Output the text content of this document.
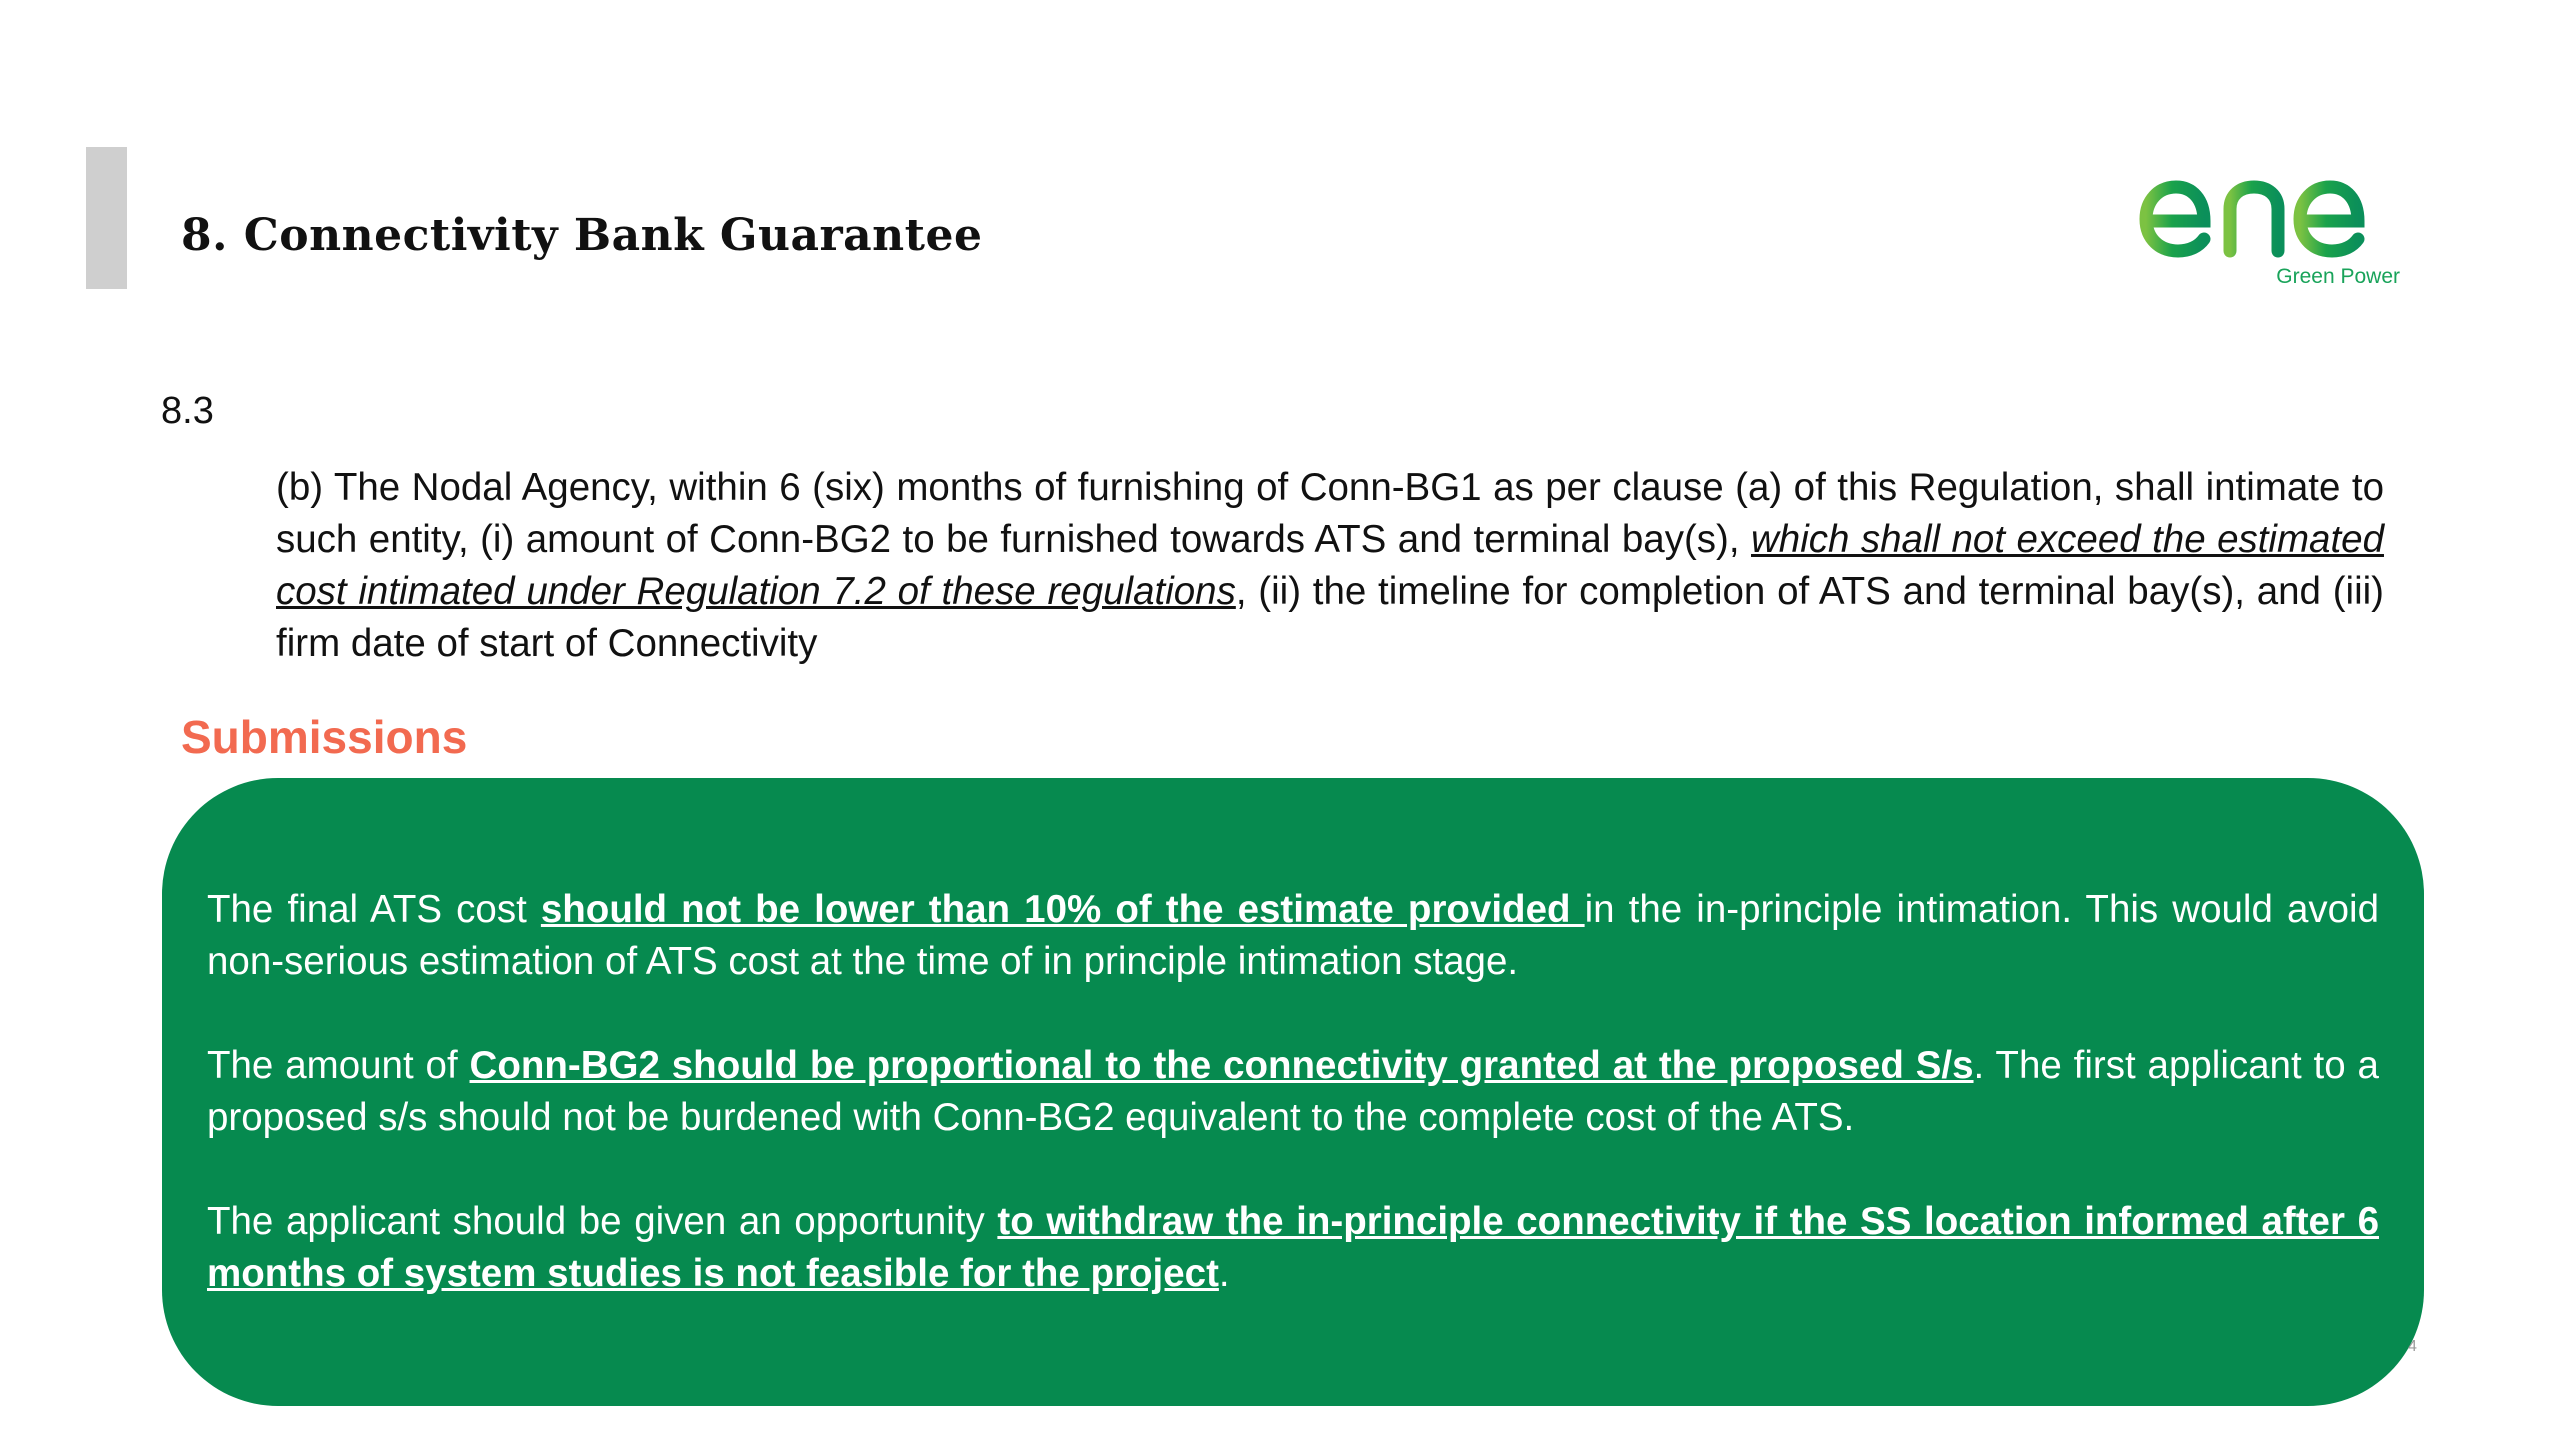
8. Connectivity Bank Guarantee
Green Power
8.3
(b) The Nodal Agency, within 6 (six) months of furnishing of Conn-BG1 as per clause (a) of this Regulation, shall intimate to such entity, (i) amount of Conn-BG2 to be furnished towards ATS and terminal bay(s), which shall not exceed the estimated cost intimated under Regulation 7.2 of these regulations, (ii) the timeline for completion of ATS and terminal bay(s), and (iii) firm date of start of Connectivity
Submissions
The final ATS cost should not be lower than 10% of the estimate provided in the in-principle intimation. This would avoid non-serious estimation of ATS cost at the time of in principle intimation stage.
The amount of Conn-BG2 should be proportional to the connectivity granted at the proposed S/s. The first applicant to a proposed s/s should not be burdened with Conn-BG2 equivalent to the complete cost of the ATS.
The applicant should be given an opportunity to withdraw the in-principle connectivity if the SS location informed after 6 months of system studies is not feasible for the project.
4
